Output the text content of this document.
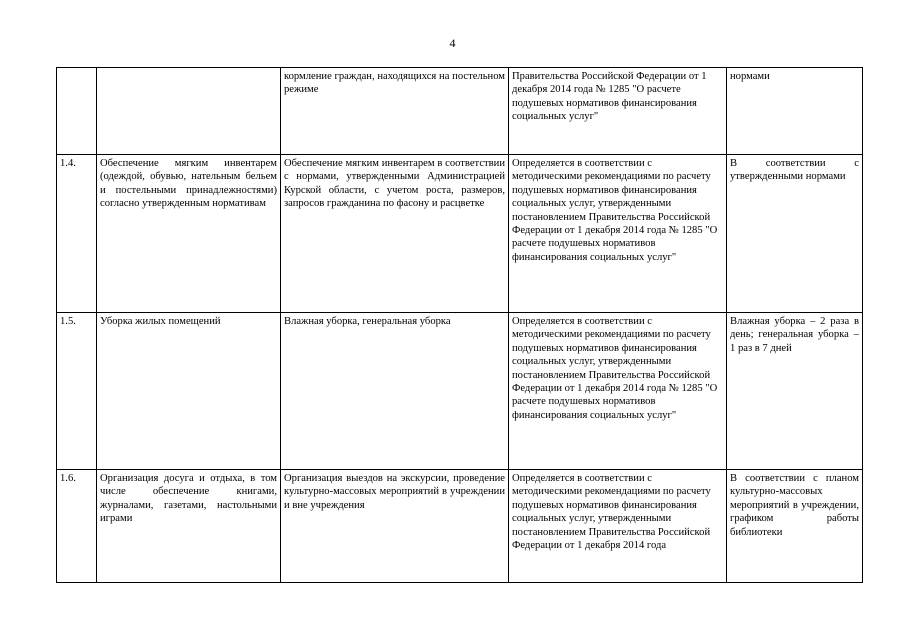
4

		кормление граждан, находящихся на постельном режиме	Правительства Российской Федерации от 1 декабря 2014 года № 1285 "О расчете подушевых нормативов финансирования социальных услуг"	нормами

1.4.	Обеспечение мягким инвентарем (одеждой, обувью, нательным бельем и постельными принадлежностями) согласно утвержденным нормативам	Обеспечение мягким инвентарем в соответствии с нормами, утвержденными Администрацией Курской области, с учетом роста, размеров, запросов гражданина по фасону и расцветке	Определяется в соответствии с методическими рекомендациями по расчету подушевых нормативов финансирования социальных услуг, утвержденными постановлением Правительства Российской Федерации от 1 декабря 2014 года № 1285 "О расчете подушевых нормативов финансирования социальных услуг"	В соответствии с утвержденными нормами

1.5.	Уборка жилых помещений	Влажная уборка, генеральная уборка	Определяется в соответствии с методическими рекомендациями по расчету подушевых нормативов финансирования социальных услуг, утвержденными постановлением Правительства Российской Федерации от 1 декабря 2014 года № 1285 "О расчете подушевых нормативов финансирования социальных услуг"	Влажная уборка – 2 раза в день; генеральная уборка – 1 раз в 7 дней

1.6.	Организация досуга и отдыха, в том числе обеспечение книгами, журналами, газетами, настольными играми	Организация выездов на экскурсии, проведение культурно-массовых мероприятий в учреждении и вне учреждения	Определяется в соответствии с методическими рекомендациями по расчету подушевых нормативов финансирования социальных услуг, утвержденными постановлением Правительства Российской Федерации от 1 декабря 2014 года	В соответствии с планом культурно-массовых мероприятий в учреждении, графиком работы библиотеки
